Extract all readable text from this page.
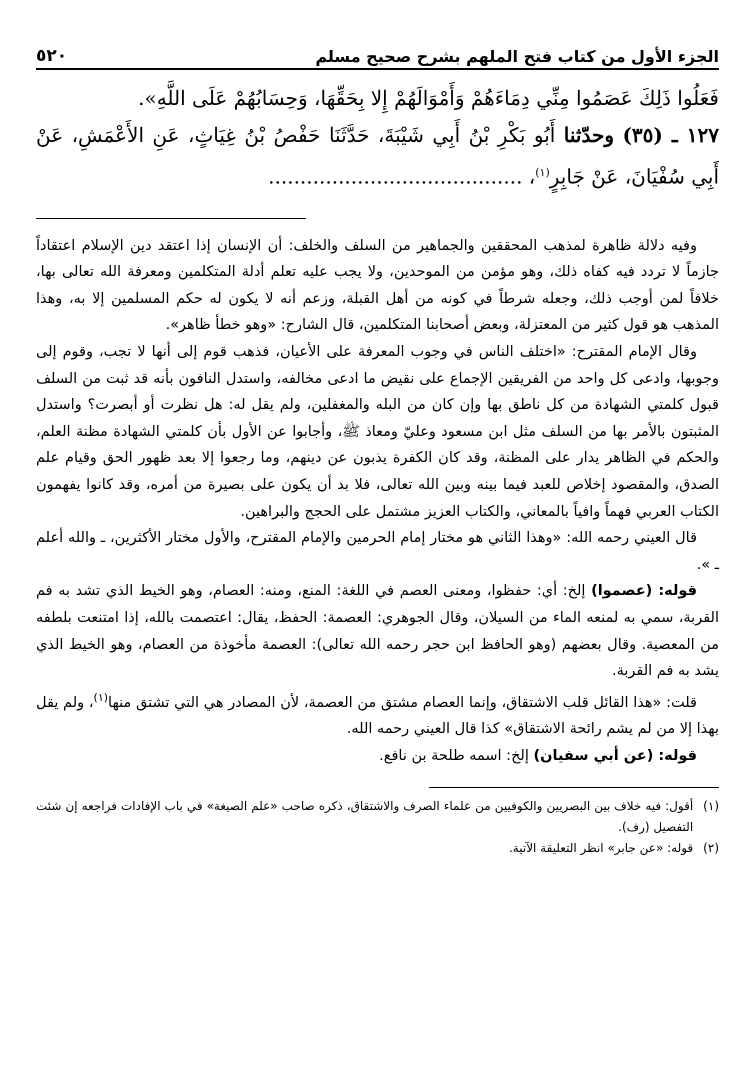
الجزء الأول من كتاب فتح الملهم بشرح صحيح مسلم
٥٢٠

فَعَلُوا ذَلِكَ عَصَمُوا مِنِّي دِمَاءَهُمْ وَأَمْوَالَهُمْ إِلا بِحَقِّهَا، وَحِسَابُهُمْ عَلَى اللَّهِ».

١٢٧ ـ (٣٥) وحدّثنا أَبُو بَكْرِ بْنُ أَبِي شَيْبَةَ، حَدَّثَنَا حَفْصُ بْنُ غِيَاثٍ، عَنِ الأَعْمَشِ، عَنْ أَبِي سُفْيَانَ، عَنْ جَابِرٍ$^{(١)}$، ........................................

وفيه دلالة ظاهرة لمذهب المحققين والجماهير من السلف والخلف: أن الإنسان إذا اعتقد دين الإسلام اعتقاداً جازماً لا تردد فيه كفاه ذلك، وهو مؤمن من الموحدين، ولا يجب عليه تعلم أدلة المتكلمين ومعرفة الله تعالى بها، خلافاً لمن أوجب ذلك، وجعله شرطاً في كونه من أهل القبلة، وزعم أنه لا يكون له حكم المسلمين إلا به، وهذا المذهب هو قول كثير من المعتزلة، وبعض أصحابنا المتكلمين، قال الشارح: «وهو خطأ ظاهر».

وقال الإمام المقترح: «اختلف الناس في وجوب المعرفة على الأعيان، فذهب قوم إلى أنها لا تجب، وقوم إلى وجوبها، وادعى كل واحد من الفريقين الإجماع على نقيض ما ادعى مخالفه، واستدل النافون بأنه قد ثبت من السلف قبول كلمتي الشهادة من كل ناطق بها وإن كان من البله والمغفلين، ولم يقل له: هل نظرت أو أبصرت؟ واستدل المثبتون بالأمر بها من السلف مثل ابن مسعود وعليّ ومعاذ ﷺ، وأجابوا عن الأول بأن كلمتي الشهادة مظنة العلم، والحكم في الظاهر يدار على المظنة، وقد كان الكفرة يذبون عن دينهم، وما رجعوا إلا بعد ظهور الحق وقيام علم الصدق، والمقصود إخلاص للعبد فيما بينه وبين الله تعالى، فلا بد أن يكون على بصيرة من أمره، وقد كانوا يفهمون الكتاب العربي فهماً وافياً بالمعاني، والكتاب العزيز مشتمل على الحجج والبراهين.

قال العيني رحمه الله: «وهذا الثاني هو مختار إمام الحرمين والإمام المقترح، والأول مختار الأكثرين، ـ والله أعلم ـ ».

قوله: (عصموا) إلخ: أي: حفظوا، ومعنى العصم في اللغة: المنع، ومنه: العصام، وهو الخيط الذي تشد به فم القربة، سمي به لمنعه الماء من السيلان، وقال الجوهري: العصمة: الحفظ، يقال: اعتصمت بالله، إذا امتنعت بلطفه من المعصية. وقال بعضهم (وهو الحافظ ابن حجر رحمه الله تعالى): العصمة مأخوذة من العصام، وهو الخيط الذي يشد به فم القربة.

قلت: «هذا القائل قلب الاشتقاق، وإنما العصام مشتق من العصمة، لأن المصادر هي التي تشتق منها$^{(١)}$، ولم يقل بهذا إلا من لم يشم رائحة الاشتقاق» كذا قال العيني رحمه الله.

قوله: (عن أبي سفيان) إلخ: اسمه طلحة بن نافع.

(١)
أقول: فيه خلاف بين البصريين والكوفيين من علماء الصرف والاشتقاق، ذكره صاحب «علم الصيغة» في باب الإفادات فراجعه إن شئت التفصيل (رف).
(٢)
قوله: «عن جابر» انظر التعليقة الآتية.
